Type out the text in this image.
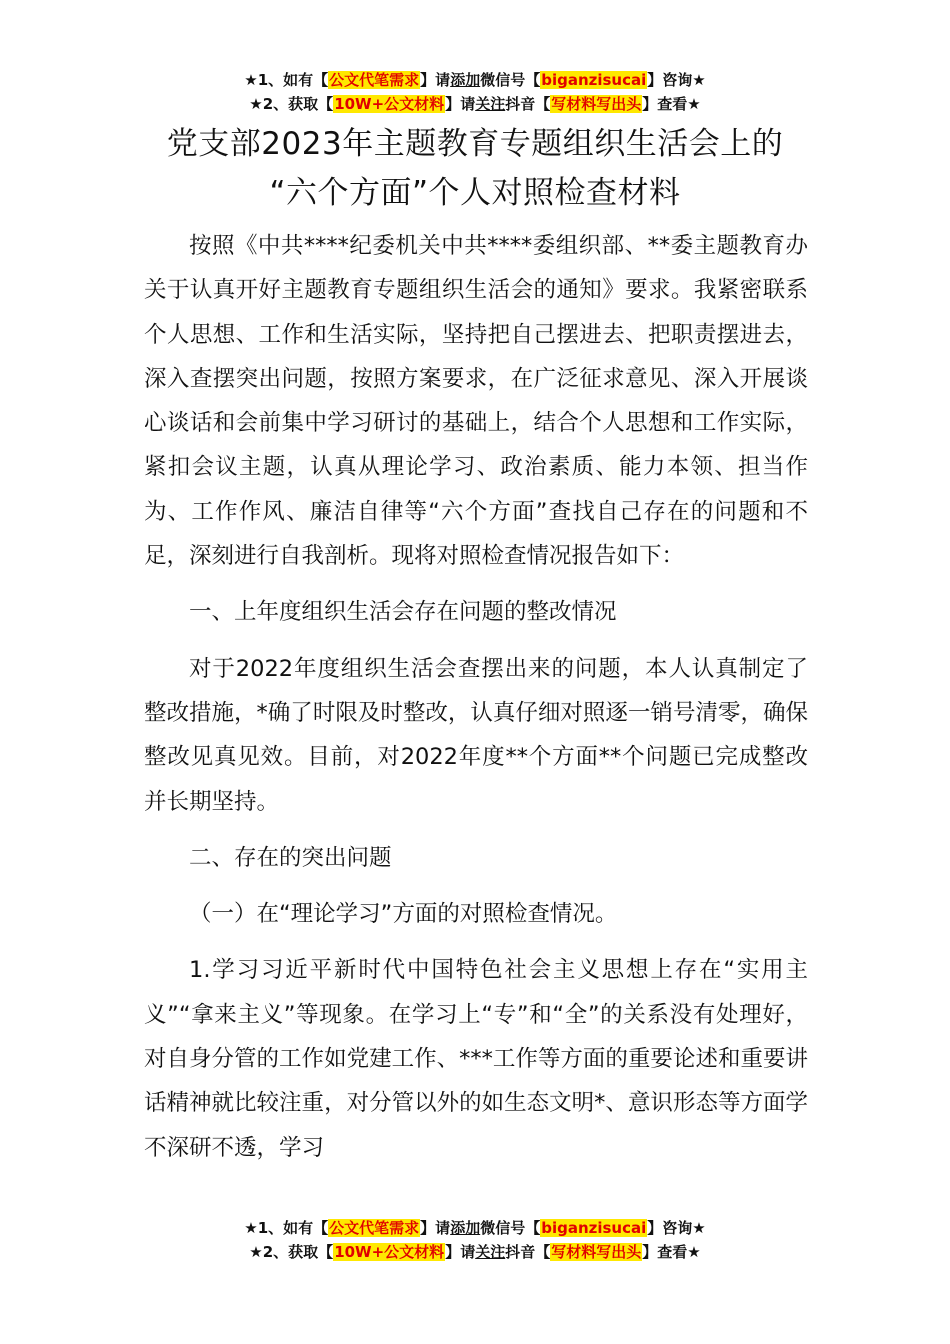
★1、如有【公文代笔需求】请添加微信号【biganzisucai】咨询★
★2、获取【10W+公文材料】请关注抖音【写材料写出头】查看★
党支部2023年主题教育专题组织生活会上的
“六个方面”个人对照检查材料

按照《中共****纪委机关中共****委组织部、**委主题教育办关于认真开好主题教育专题组织生活会的通知》要求。我紧密联系个人思想、工作和生活实际，坚持把自己摆进去、把职责摆进去，深入查摆突出问题，按照方案要求，在广泛征求意见、深入开展谈心谈话和会前集中学习研讨的基础上，结合个人思想和工作实际，紧扣会议主题，认真从理论学习、政治素质、能力本领、担当作为、工作作风、廉洁自律等“六个方面”查找自己存在的问题和不足，深刻进行自我剖析。现将对照检查情况报告如下：

一、上年度组织生活会存在问题的整改情况

对于2022年度组织生活会查摆出来的问题，本人认真制定了整改措施，*确了时限及时整改，认真仔细对照逐一销号清零，确保整改见真见效。目前，对2022年度**个方面**个问题已完成整改并长期坚持。

二、存在的突出问题

（一）在“理论学习”方面的对照检查情况。

1.学习习近平新时代中国特色社会主义思想上存在“实用主义”“拿来主义”等现象。在学习上“专”和“全”的关系没有处理好，对自身分管的工作如党建工作、***工作等方面的重要论述和重要讲话精神就比较注重，对分管以外的如生态文明*、意识形态等方面学不深研不透，学习

★1、如有【公文代笔需求】请添加微信号【biganzisucai】咨询★
★2、获取【10W+公文材料】请关注抖音【写材料写出头】查看★
